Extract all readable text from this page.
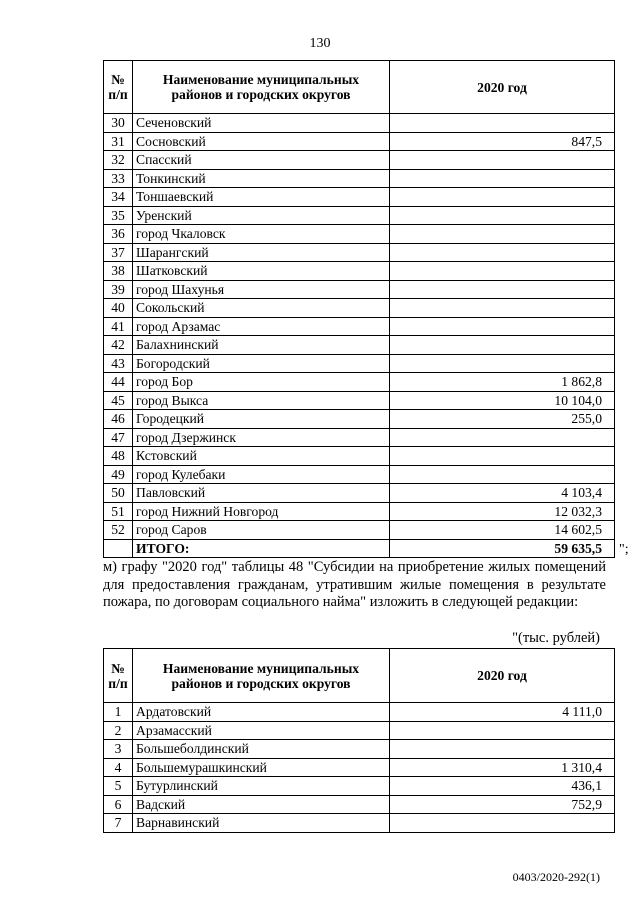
130
№ п/п	Наименование муниципальных районов и городских округов	2020 год
30	Сеченовский	
31	Сосновский	847,5
32	Спасский	
33	Тонкинский	
34	Тоншаевский	
35	Уренский	
36	город Чкаловск	
37	Шарангский	
38	Шатковский	
39	город Шахунья	
40	Сокольский	
41	город Арзамас	
42	Балахнинский	
43	Богородский	
44	город Бор	1 862,8
45	город Выкса	10 104,0
46	Городецкий	255,0
47	город Дзержинск	
48	Кстовский	
49	город Кулебаки	
50	Павловский	4 103,4
51	город Нижний Новгород	12 032,3
52	город Саров	14 602,5
	ИТОГО:	59 635,5 ";
м) графу "2020 год" таблицы 48 "Субсидии на приобретение жилых помещений для предоставления гражданам, утратившим жилые помещения в результате пожара, по договорам социального найма" изложить в следующей редакции:
"(тыс. рублей)
№ п/п	Наименование муниципальных районов и городских округов	2020 год
1	Ардатовский	4 111,0
2	Арзамасский	
3	Большеболдинский	
4	Большемурашкинский	1 310,4
5	Бутурлинский	436,1
6	Вадский	752,9
7	Варнавинский	
0403/2020-292(1)
